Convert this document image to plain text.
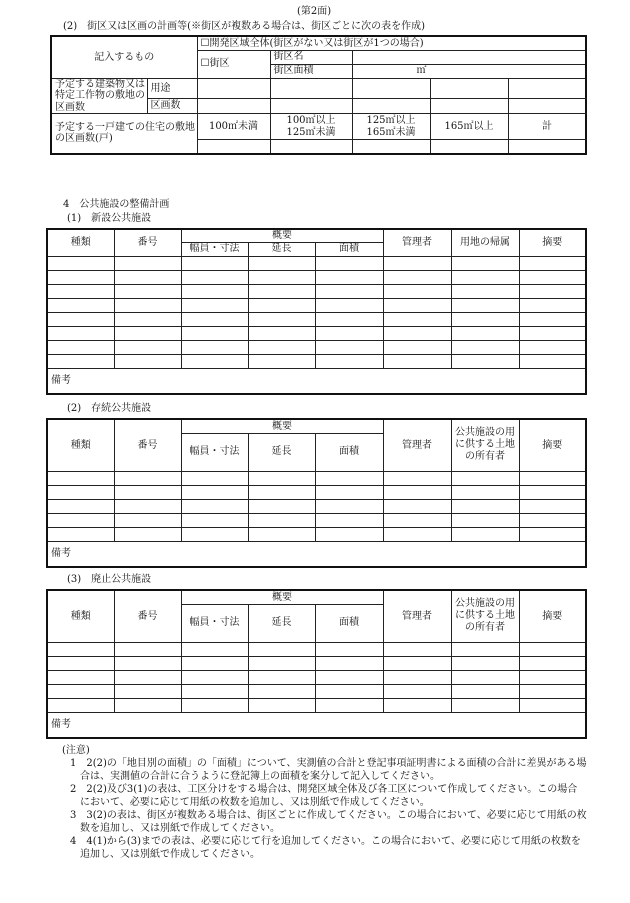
(第2面)
(2)　街区又は区画の計画等(※街区が複数ある場合は、街区ごとに次の表を作成)
記入するもの		☐開発区域全体(街区がない又は街区が1つの場合)				
		☐街区	街区名			
			街区面積	㎡		
予定する建築物又は特定工作物の敷地の区画数	用途					
	区画数					
予定する一戸建ての住宅の敷地の区画数(戸)		100㎡未満	100㎡以上125㎡未満	125㎡以上165㎡未満	165㎡以上	計

4　公共施設の整備計画
(1)　新設公共施設
種類	番号	概要			管理者	用地の帰属	摘要
		幅員・寸法	延長	面積			

備考							
(2)　存続公共施設
種類	番号	概要			管理者	公共施設の用に供する土地の所有者	摘要
		幅員・寸法	延長	面積			

備考							
(3)　廃止公共施設
種類	番号	概要			管理者	公共施設の用に供する土地の所有者	摘要
		幅員・寸法	延長	面積			

備考							

(注意)

1　2(2)の「地目別の面積」の「面積」について、実測値の合計と登記事項証明書による面積の合計に差異がある場合は、実測値の合計に合うように登記簿上の面積を案分して記入してください。

2　2(2)及び3(1)の表は、工区分けをする場合は、開発区域全体及び各工区について作成してください。この場合において、必要に応じて用紙の枚数を追加し、又は別紙で作成してください。

3　3(2)の表は、街区が複数ある場合は、街区ごとに作成してください。この場合において、必要に応じて用紙の枚数を追加し、又は別紙で作成してください。

4　4(1)から(3)までの表は、必要に応じて行を追加してください。この場合において、必要に応じて用紙の枚数を追加し、又は別紙で作成してください。
